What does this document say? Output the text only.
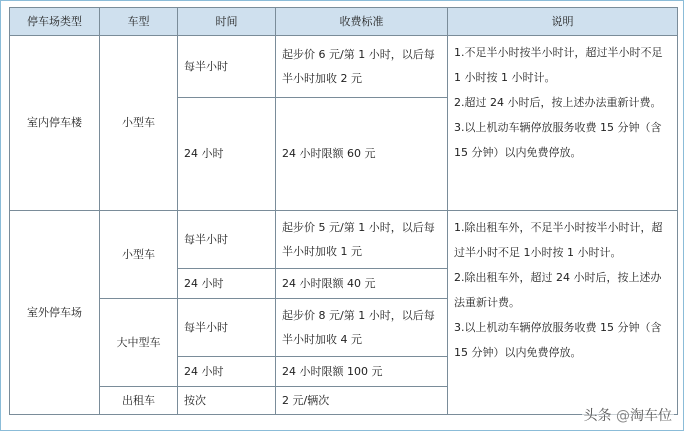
停车场类型	车型	时间	收费标准	说明
室内停车楼	小型车	每半小时	起步价 6 元/第 1 小时，以后每半小时加收 2 元	1.不足半小时按半小时计，超过半小时不足 1 小时按 1 小时计。

2.超过 24 小时后，按上述办法重新计费。

3.以上机动车辆停放服务收费 15 分钟（含 15 分钟）以内免费停放。

		24 小时	24 小时限额 60 元	
室外停车场	小型车	每半小时	起步价 5 元/第 1 小时，以后每半小时加收 1 元	1.除出租车外，不足半小时按半小时计，超过半小时不足 1小时按 1 小时计。

2.除出租车外，超过 24 小时后，按上述办法重新计费。

3.以上机动车辆停放服务收费 15 分钟（含 15 分钟）以内免费停放。

		24 小时	24 小时限额 40 元	
	大中型车	每半小时	起步价 8 元/第 1 小时，以后每半小时加收 4 元	
		24 小时	24 小时限额 100 元	
	出租车	按次	2 元/辆次	
头条 @淘车位
